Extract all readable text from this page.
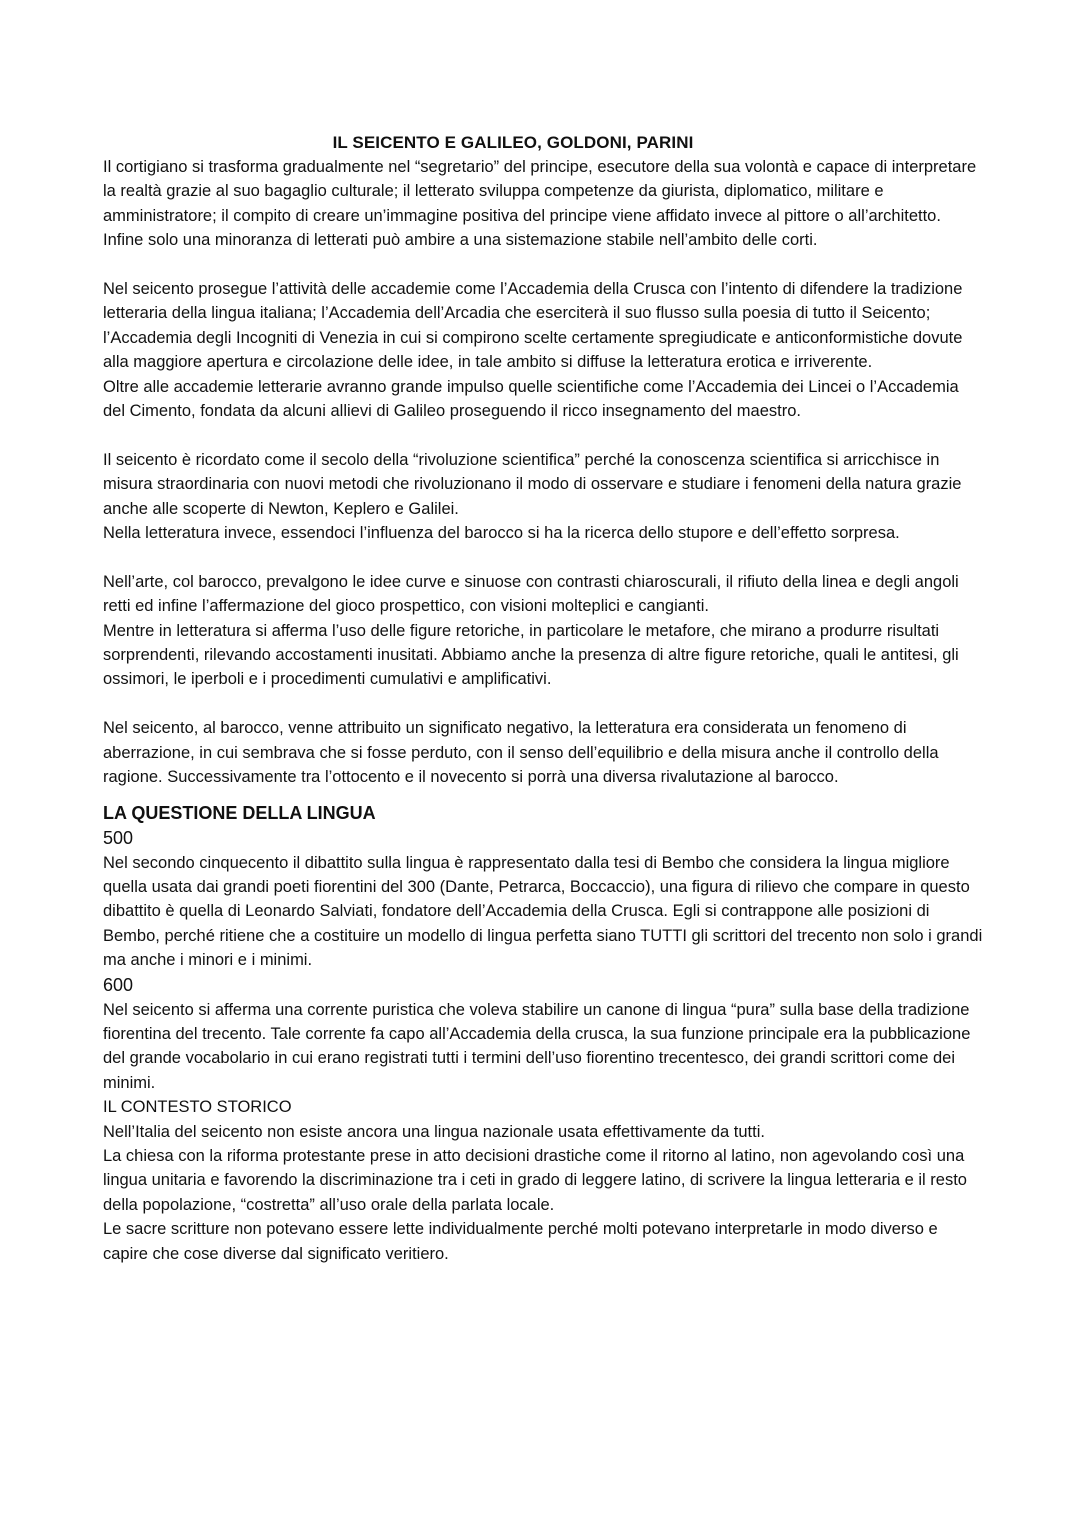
IL SEICENTO E GALILEO, GOLDONI, PARINI

Il cortigiano si trasforma gradualmente nel “segretario” del principe, esecutore della sua volontà e capace di interpretare la realtà grazie al suo bagaglio culturale; il letterato sviluppa competenze da giurista, diplomatico, militare e amministratore; il compito di creare un’immagine positiva del principe viene affidato invece al pittore o all’architetto. Infine solo una minoranza di letterati può ambire a una sistemazione stabile nell’ambito delle corti.

Nel seicento prosegue l’attività delle accademie come l’Accademia della Crusca con l’intento di difendere la tradizione letteraria della lingua italiana; l’Accademia dell’Arcadia che eserciterà il suo flusso sulla poesia di tutto il Seicento; l’Accademia degli Incogniti di Venezia in cui si compirono scelte certamente spregiudicate e anticonformistiche dovute alla maggiore apertura e circolazione delle idee, in tale ambito si diffuse la letteratura erotica e irriverente.

Oltre alle accademie letterarie avranno grande impulso quelle scientifiche come l’Accademia dei Lincei o l’Accademia del Cimento, fondata da alcuni allievi di Galileo proseguendo il ricco insegnamento del maestro.

Il seicento è ricordato come il secolo della “rivoluzione scientifica” perché la conoscenza scientifica si arricchisce in misura straordinaria con nuovi metodi che rivoluzionano il modo di osservare e studiare i fenomeni della natura grazie anche alle scoperte di Newton, Keplero e Galilei.

Nella letteratura invece, essendoci l’influenza del barocco si ha la ricerca dello stupore e dell’effetto sorpresa.

Nell’arte, col barocco, prevalgono le idee curve e sinuose con contrasti chiaroscurali, il rifiuto della linea e degli angoli retti ed infine l’affermazione del gioco prospettico, con visioni molteplici e cangianti.

Mentre in letteratura si afferma l’uso delle figure retoriche, in particolare le metafore, che mirano a produrre risultati sorprendenti, rilevando accostamenti inusitati. Abbiamo anche la presenza di altre figure retoriche, quali le antitesi, gli ossimori, le iperboli e i procedimenti cumulativi e amplificativi.

Nel seicento, al barocco, venne attribuito un significato negativo, la letteratura era considerata un fenomeno di aberrazione, in cui sembrava che si fosse perduto, con il senso dell’equilibrio e della misura anche il controllo della ragione. Successivamente tra l’ottocento e il novecento si porrà una diversa rivalutazione al barocco.

LA QUESTIONE DELLA LINGUA
500

Nel secondo cinquecento il dibattito sulla lingua è rappresentato dalla tesi di Bembo che considera la lingua migliore quella usata dai grandi poeti fiorentini del 300 (Dante, Petrarca, Boccaccio), una figura di rilievo che compare in questo dibattito è quella di Leonardo Salviati, fondatore dell’Accademia della Crusca. Egli si contrappone alle posizioni di Bembo, perché ritiene che a costituire un modello di lingua perfetta siano TUTTI gli scrittori del trecento non solo i grandi ma anche i minori e i minimi.

600

Nel seicento si afferma una corrente puristica che voleva stabilire un canone di lingua “pura” sulla base della tradizione fiorentina del trecento. Tale corrente fa capo all’Accademia della crusca, la sua funzione principale era la pubblicazione del grande vocabolario in cui erano registrati tutti i termini dell’uso fiorentino trecentesco, dei grandi scrittori come dei minimi.

IL CONTESTO STORICO

Nell’Italia del seicento non esiste ancora una lingua nazionale usata effettivamente da tutti.

La chiesa con la riforma protestante prese in atto decisioni drastiche come il ritorno al latino, non agevolando così una lingua unitaria e favorendo la discriminazione tra i ceti in grado di leggere latino, di scrivere la lingua letteraria e il resto della popolazione, “costretta” all’uso orale della parlata locale.

Le sacre scritture non potevano essere lette individualmente perché molti potevano interpretarle in modo diverso e capire che cose diverse dal significato veritiero.
